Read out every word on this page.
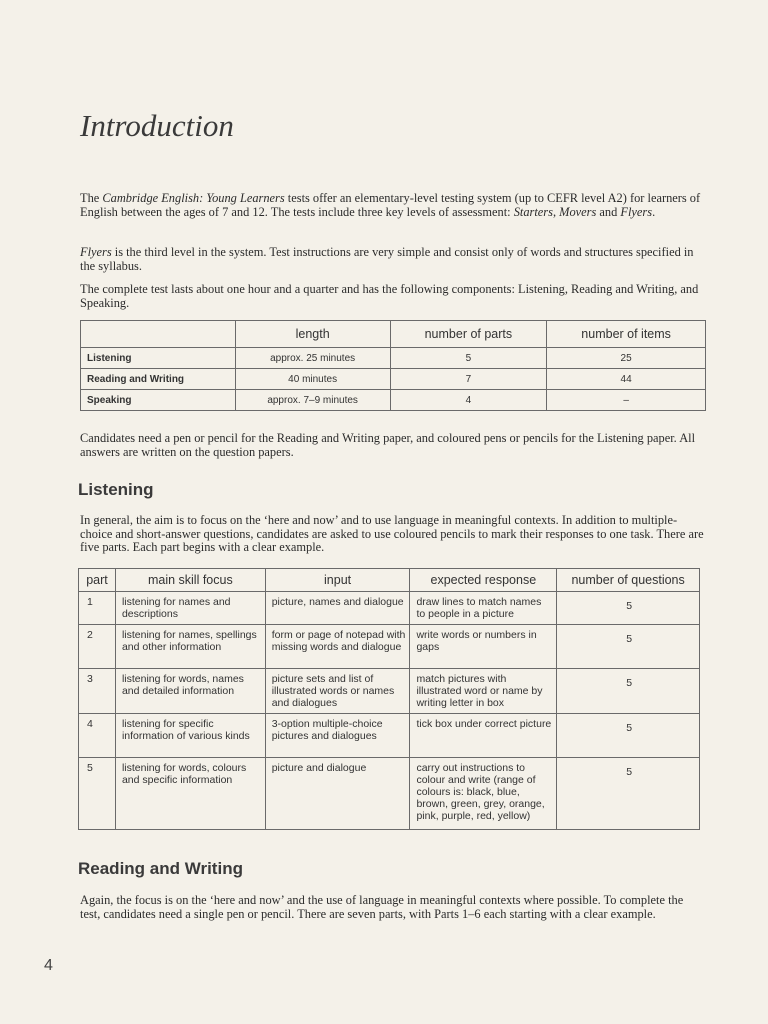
Introduction

The Cambridge English: Young Learners tests offer an elementary-level testing system (up to CEFR level A2) for learners of English between the ages of 7 and 12. The tests include three key levels of assessment: Starters, Movers and Flyers.

Flyers is the third level in the system. Test instructions are very simple and consist only of words and structures specified in the syllabus.

The complete test lasts about one hour and a quarter and has the following components: Listening, Reading and Writing, and Speaking.

	length	number of parts	number of items
Listening	approx. 25 minutes	5	25
Reading and Writing	40 minutes	7	44
Speaking	approx. 7–9 minutes	4	–

Candidates need a pen or pencil for the Reading and Writing paper, and coloured pens or pencils for the Listening paper. All answers are written on the question papers.

Listening

In general, the aim is to focus on the ‘here and now’ and to use language in meaningful contexts. In addition to multiple-choice and short-answer questions, candidates are asked to use coloured pencils to mark their responses to one task. There are five parts. Each part begins with a clear example.

part	main skill focus	input	expected response	number of questions
1	listening for names and descriptions	picture, names and dialogue	draw lines to match names to people in a picture	5
2	listening for names, spellings and other information	form or page of notepad with missing words and dialogue	write words or numbers in gaps	5
3	listening for words, names and detailed information	picture sets and list of illustrated words or names and dialogues	match pictures with illustrated word or name by writing letter in box	5
4	listening for specific information of various kinds	3-option multiple-choice pictures and dialogues	tick box under correct picture	5
5	listening for words, colours and specific information	picture and dialogue	carry out instructions to colour and write (range of colours is: black, blue, brown, green, grey, orange, pink, purple, red, yellow)	5
Reading and Writing

Again, the focus is on the ‘here and now’ and the use of language in meaningful contexts where possible. To complete the test, candidates need a single pen or pencil. There are seven parts, with Parts 1–6 each starting with a clear example.

4
